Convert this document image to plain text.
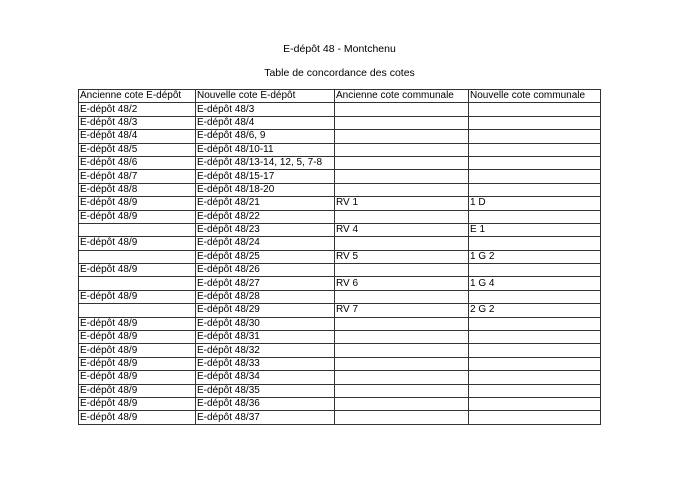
E-dépôt 48 - Montchenu
Table de concordance des cotes
Ancienne cote E-dépôt	Nouvelle cote E-dépôt	Ancienne cote communale	Nouvelle cote communale
E-dépôt 48/2	E-dépôt 48/3		
E-dépôt 48/3	E-dépôt 48/4		
E-dépôt 48/4	E-dépôt 48/6, 9		
E-dépôt 48/5	E-dépôt 48/10-11		
E-dépôt 48/6	E-dépôt 48/13-14, 12, 5, 7-8		
E-dépôt 48/7	E-dépôt 48/15-17		
E-dépôt 48/8	E-dépôt 48/18-20		
E-dépôt 48/9	E-dépôt 48/21	RV 1	1 D
E-dépôt 48/9	E-dépôt 48/22		
	E-dépôt 48/23	RV 4	E 1
E-dépôt 48/9	E-dépôt 48/24		
	E-dépôt 48/25	RV 5	1 G 2
E-dépôt 48/9	E-dépôt 48/26		
	E-dépôt 48/27	RV 6	1 G 4
E-dépôt 48/9	E-dépôt 48/28		
	E-dépôt 48/29	RV 7	2 G 2
E-dépôt 48/9	E-dépôt 48/30		
E-dépôt 48/9	E-dépôt 48/31		
E-dépôt 48/9	E-dépôt 48/32		
E-dépôt 48/9	E-dépôt 48/33		
E-dépôt 48/9	E-dépôt 48/34		
E-dépôt 48/9	E-dépôt 48/35		
E-dépôt 48/9	E-dépôt 48/36		
E-dépôt 48/9	E-dépôt 48/37		
